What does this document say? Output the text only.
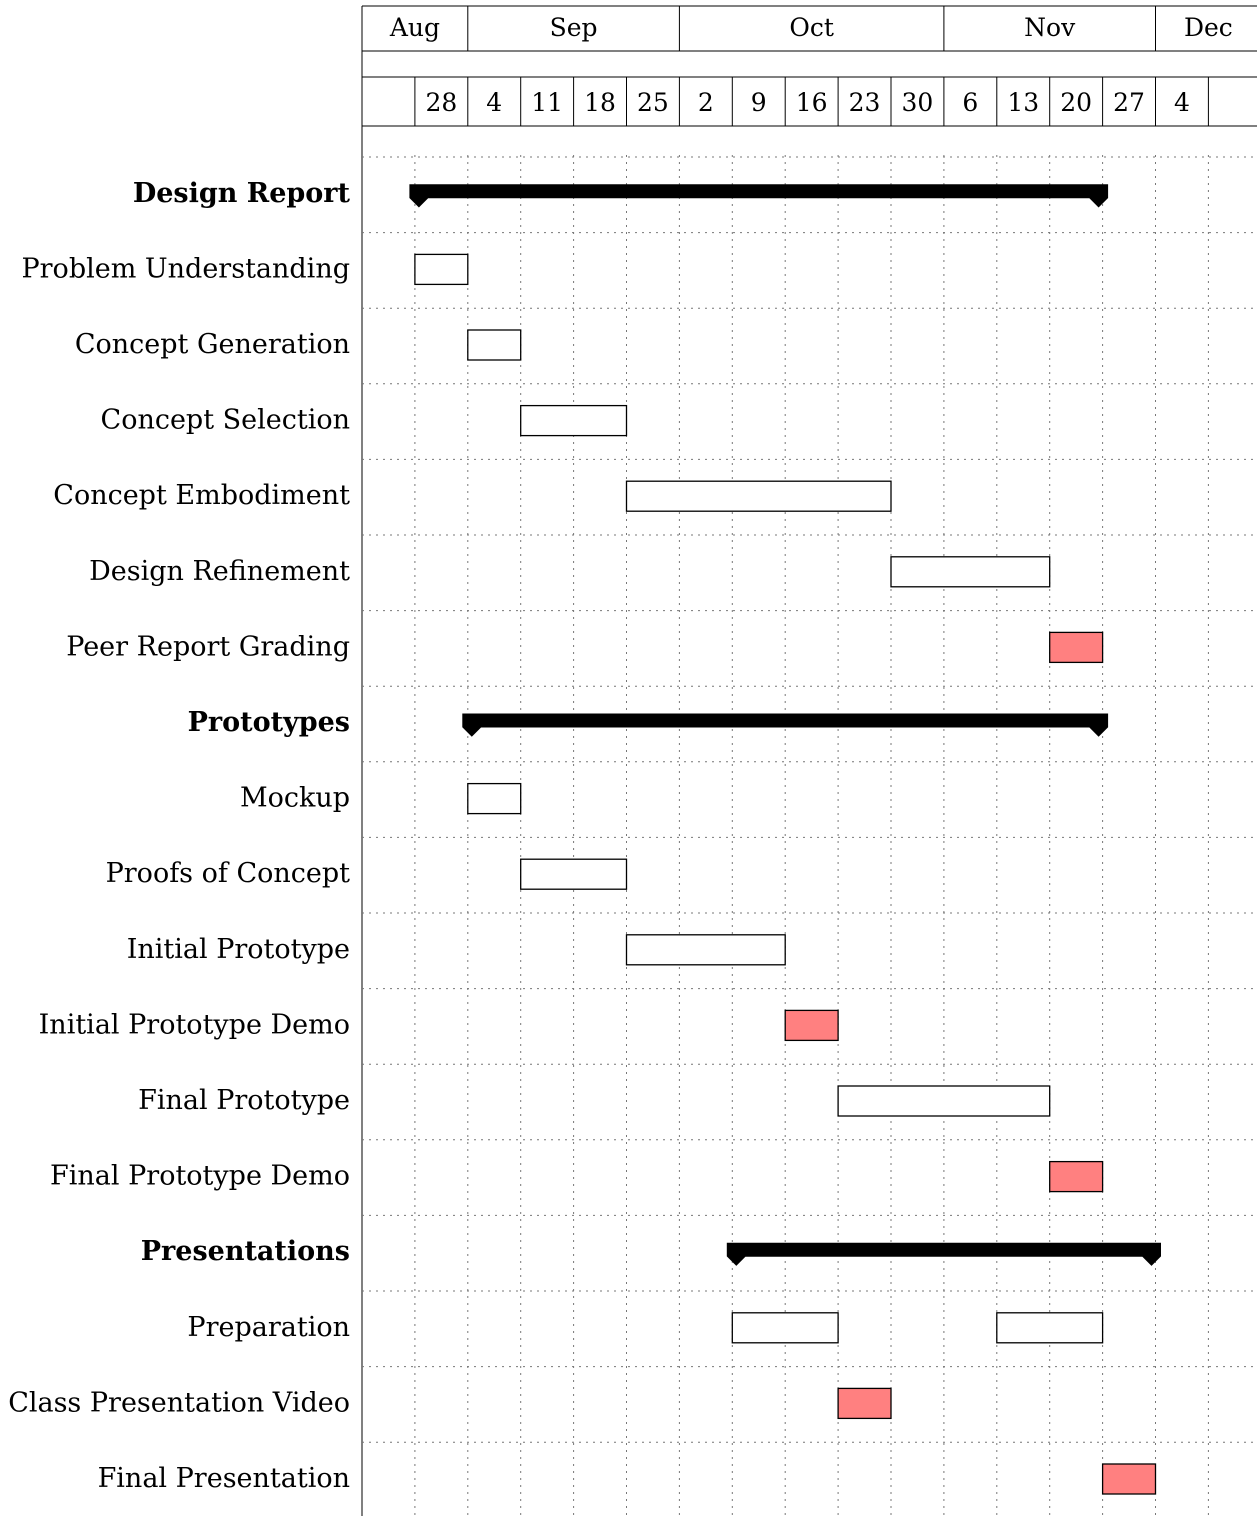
Aug	Sep	Oct	Nov	Dec
28 4 11 18 25 2 9 16 23 30 6 13 20 27 4
Design Report
Problem Understanding
Concept Generation
Concept Selection
Concept Embodiment
Design Refinement
Peer Report Grading
Prototypes
Mockup
Proofs of Concept
Initial Prototype
Initial Prototype Demo
Final Prototype
Final Prototype Demo
Presentations
Preparation
Class Presentation Video
Final Presentation
